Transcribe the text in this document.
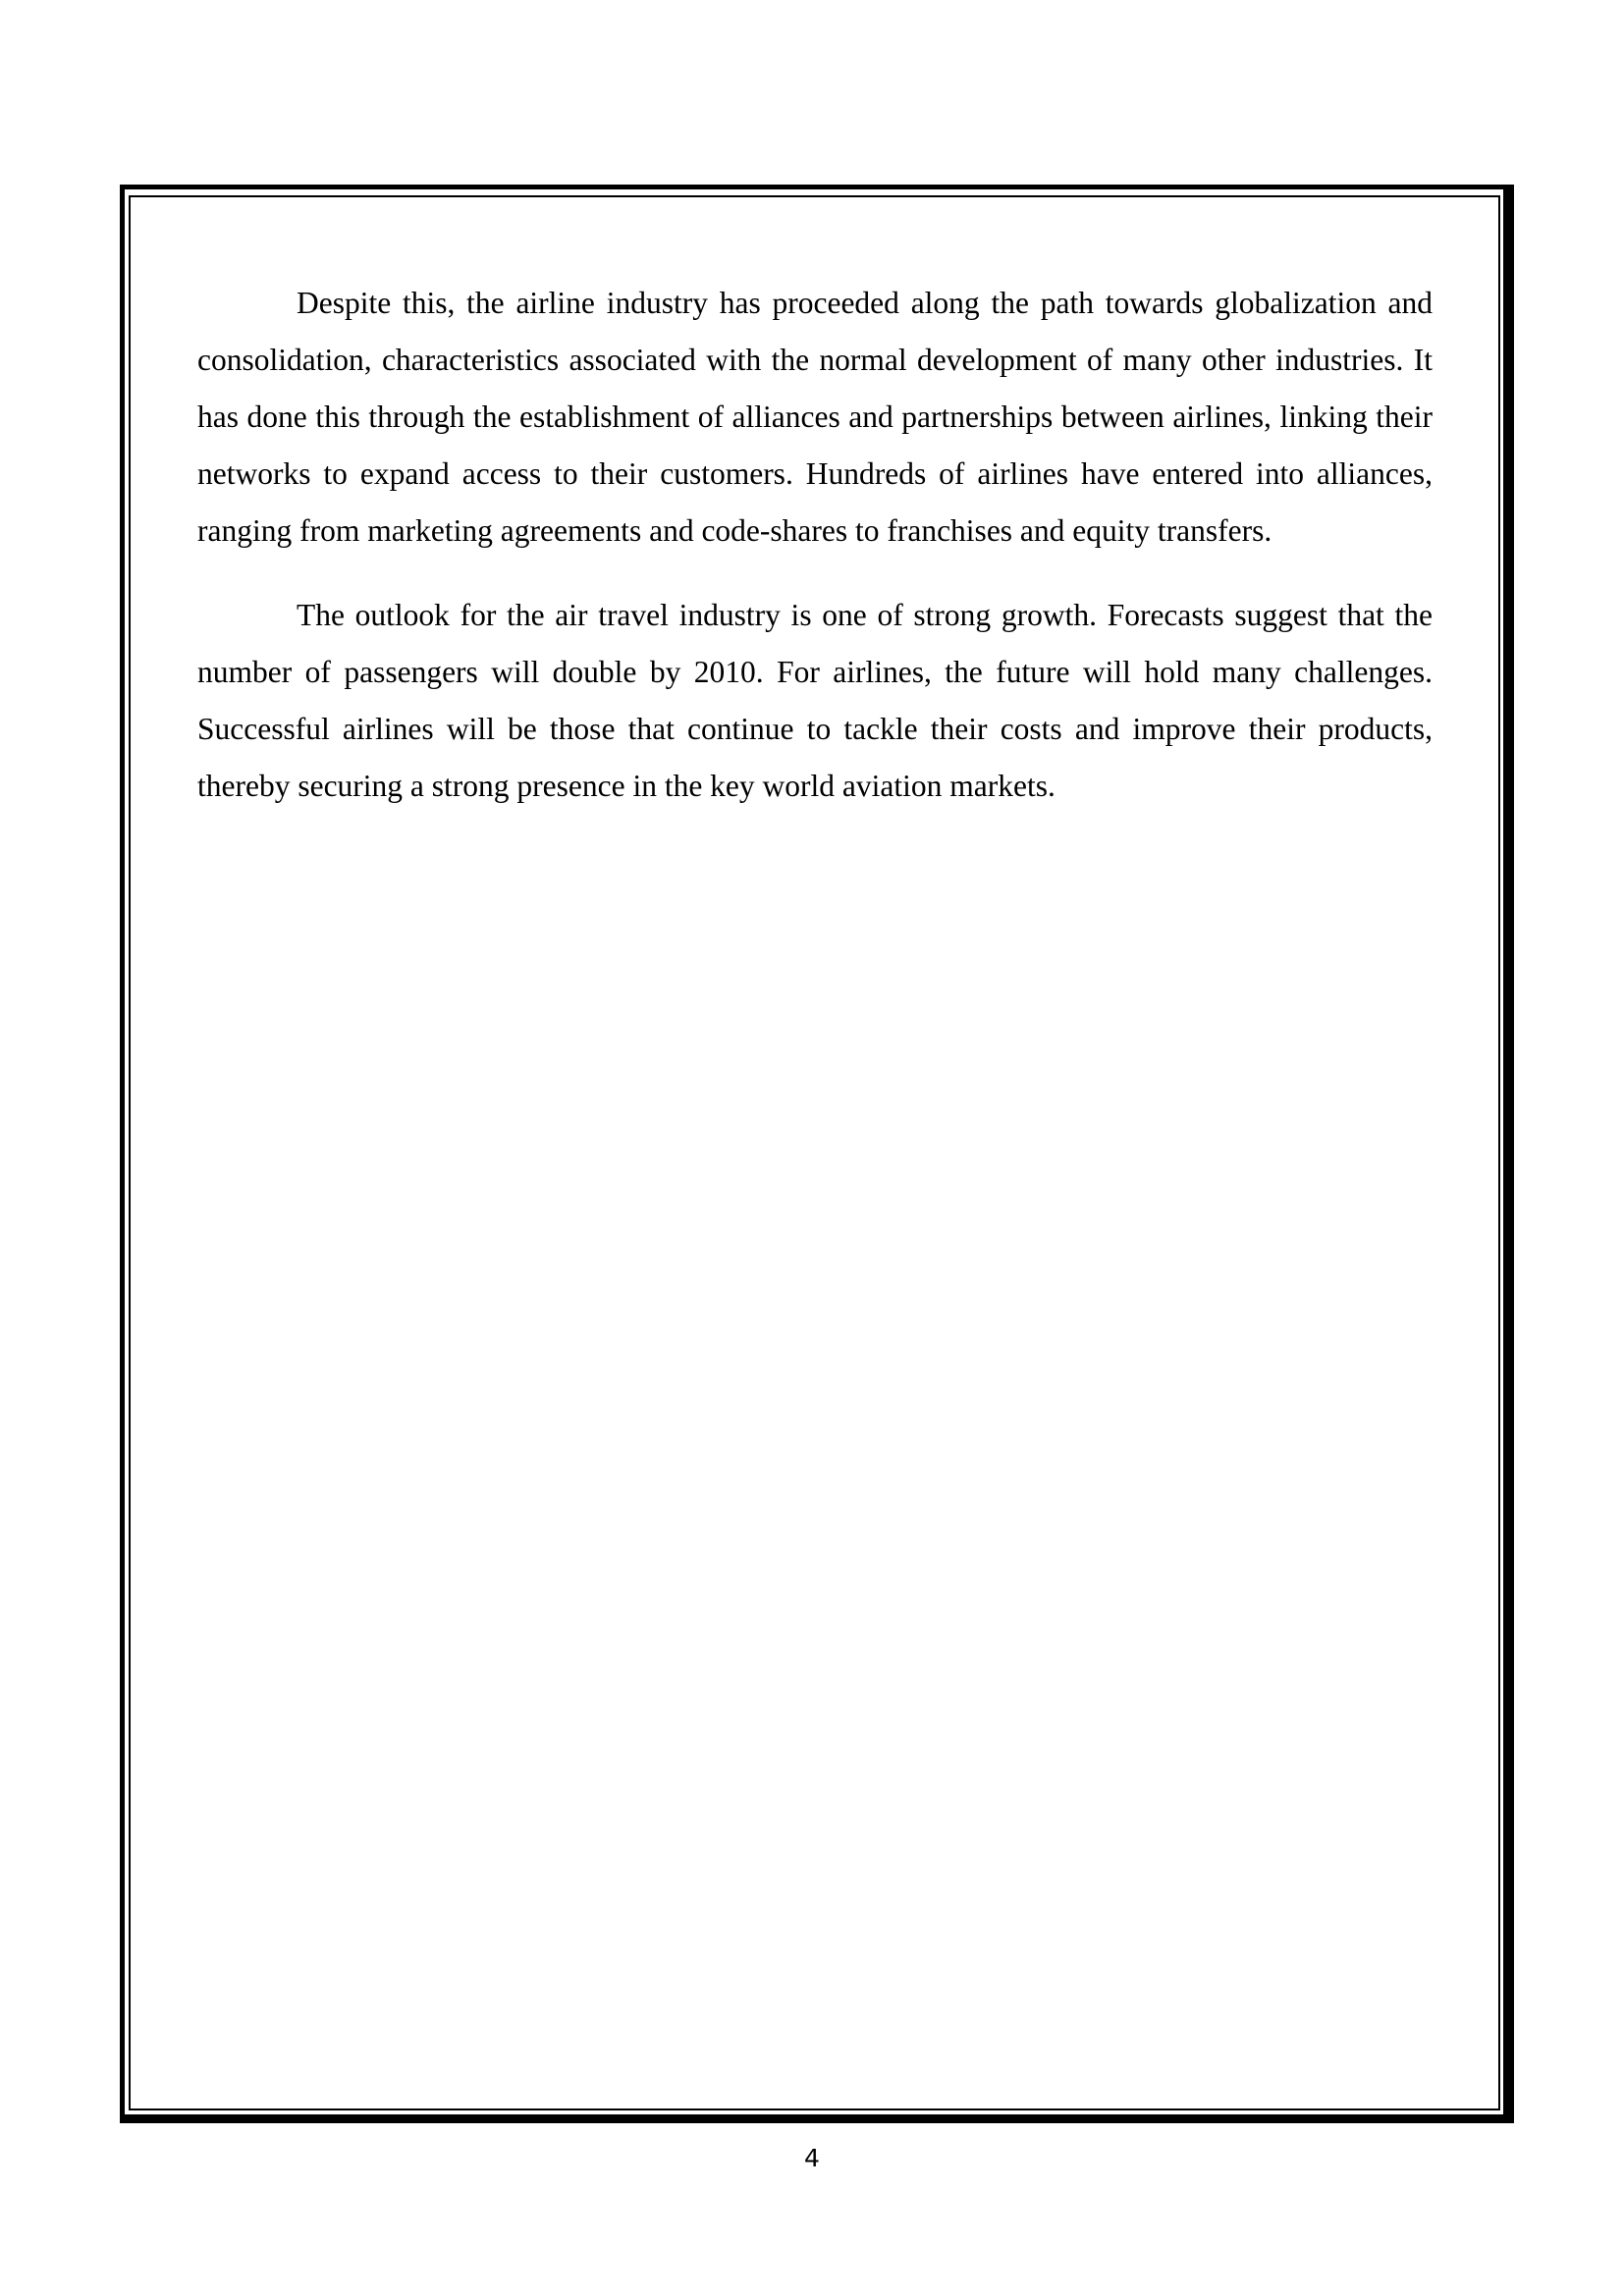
Despite this, the airline industry has proceeded along the path towards globalization and consolidation, characteristics associated with the normal development of many other industries. It has done this through the establishment of alliances and partnerships between airlines, linking their networks to expand access to their customers. Hundreds of airlines have entered into alliances, ranging from marketing agreements and code-shares to franchises and equity transfers.

The outlook for the air travel industry is one of strong growth. Forecasts suggest that the number of passengers will double by 2010. For airlines, the future will hold many challenges. Successful airlines will be those that continue to tackle their costs and improve their products, thereby securing a strong presence in the key world aviation markets.

4
